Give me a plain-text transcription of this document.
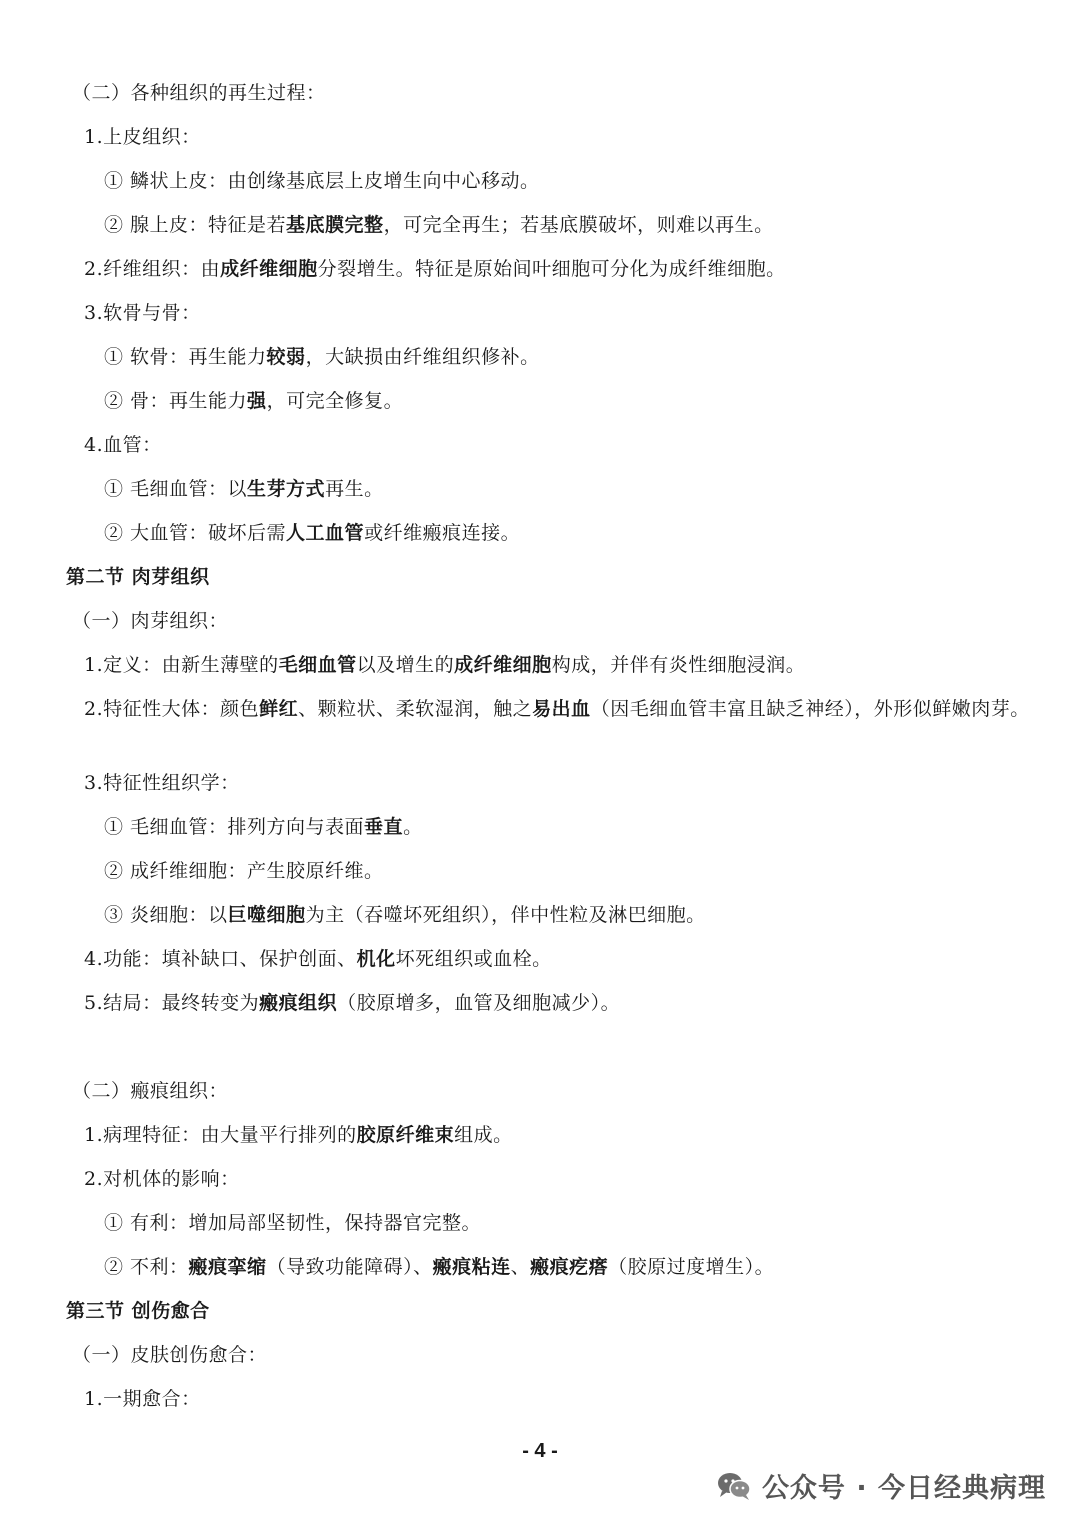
（二）各种组织的再生过程：
1.上皮组织：
① 鳞状上皮：由创缘基底层上皮增生向中心移动。
② 腺上皮：特征是若基底膜完整，可完全再生；若基底膜破坏，则难以再生。
2.纤维组织：由成纤维细胞分裂增生。特征是原始间叶细胞可分化为成纤维细胞。
3.软骨与骨：
① 软骨：再生能力较弱，大缺损由纤维组织修补。
② 骨：再生能力强，可完全修复。
4.血管：
① 毛细血管：以生芽方式再生。
② 大血管：破坏后需人工血管或纤维瘢痕连接。
第二节 肉芽组织
（一）肉芽组织：
1.定义：由新生薄壁的毛细血管以及增生的成纤维细胞构成，并伴有炎性细胞浸润。
2.特征性大体：颜色鲜红、颗粒状、柔软湿润，触之易出血（因毛细血管丰富且缺乏神经），外形似鲜嫩肉芽。
3.特征性组织学：
① 毛细血管：排列方向与表面垂直。
② 成纤维细胞：产生胶原纤维。
③ 炎细胞：以巨噬细胞为主（吞噬坏死组织），伴中性粒及淋巴细胞。
4.功能：填补缺口、保护创面、机化坏死组织或血栓。
5.结局：最终转变为瘢痕组织（胶原增多，血管及细胞减少）。
（二）瘢痕组织：
1.病理特征：由大量平行排列的胶原纤维束组成。
2.对机体的影响：
① 有利：增加局部坚韧性，保持器官完整。
② 不利：瘢痕挛缩（导致功能障碍）、瘢痕粘连、瘢痕疙瘩（胶原过度增生）。
第三节 创伤愈合
（一）皮肤创伤愈合：
1.一期愈合：
- 4 -
公众号 · 今日经典病理
